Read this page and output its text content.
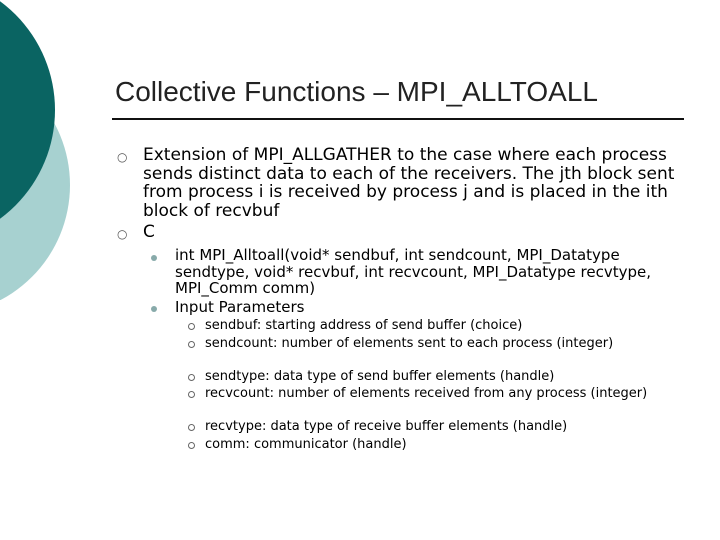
Collective Functions – MPI_ALLTOALL
○ Extension of MPI_ALLGATHER to the case where each process sends distinct data to each of the receivers. The jth block sent from process i is received by process j and is placed in the ith block of recvbuf
○ C
int MPI_Alltoall(void* sendbuf, int sendcount, MPI_Datatype sendtype, void* recvbuf, int recvcount, MPI_Datatype recvtype, MPI_Comm comm)
Input Parameters
sendbuf: starting address of send buffer (choice)
sendcount: number of elements sent to each process (integer)
sendtype: data type of send buffer elements (handle)
recvcount: number of elements received from any process (integer)
recvtype: data type of receive buffer elements (handle)
comm: communicator (handle)
